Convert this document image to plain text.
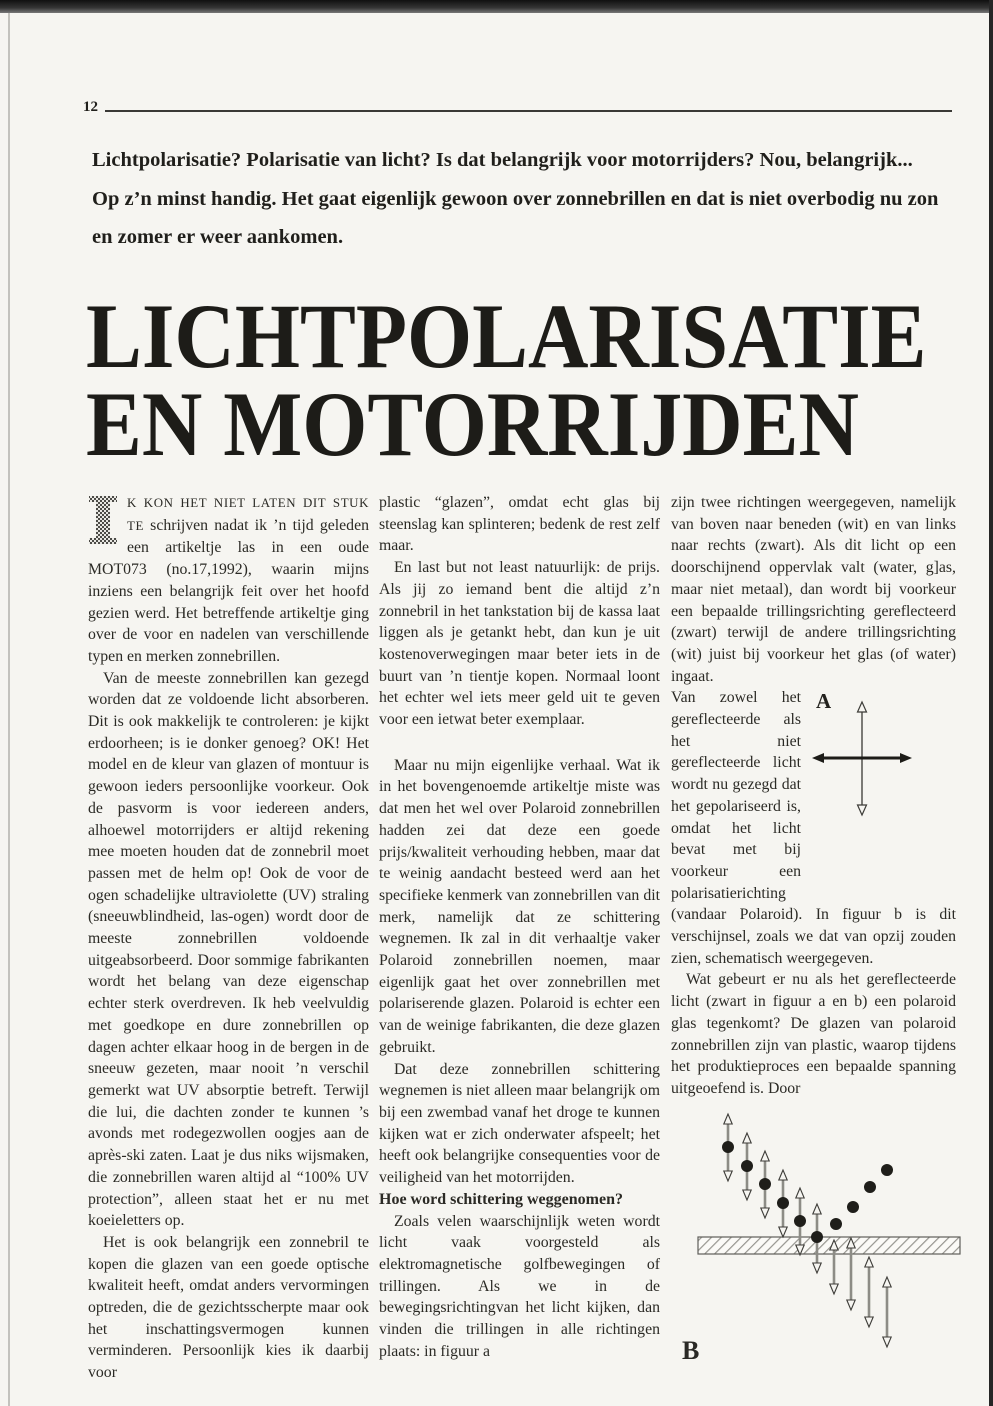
12
Lichtpolarisatie? Polarisatie van licht? Is dat belangrijk voor motorrijders? Nou, belangrijk... Op z’n minst handig. Het gaat eigenlijk gewoon over zonnebrillen en dat is niet overbodig nu zon en zomer er weer aankomen.
LICHTPOLARISATIE
EN MOTORRIJDEN

K KON HET NIET LATEN DIT STUK TE schrijven nadat ik ’n tijd geleden een artikeltje las in een oude MOT073 (no.17,1992), waarin mijns inziens een belangrijk feit over het hoofd gezien werd. Het betreffende artikeltje ging over de voor en nadelen van verschillende typen en merken zonnebrillen.

Van de meeste zonnebrillen kan gezegd worden dat ze voldoende licht absorberen. Dit is ook makkelijk te controleren: je kijkt erdoorheen; is ie donker genoeg? OK! Het model en de kleur van glazen of montuur is gewoon ieders persoonlijke voorkeur. Ook de pasvorm is voor iedereen anders, alhoewel motorrijders er altijd rekening mee moeten houden dat de zonnebril moet passen met de helm op! Ook de voor de ogen schadelijke ultraviolette (UV) straling (sneeuwblindheid, las-ogen) wordt door de meeste zonnebrillen voldoende uitgeabsorbeerd. Door sommige fabrikanten wordt het belang van deze eigenschap echter sterk overdreven. Ik heb veelvuldig met goedkope en dure zonnebrillen op dagen achter elkaar hoog in de bergen in de sneeuw gezeten, maar nooit ’n verschil gemerkt wat UV absorptie betreft. Terwijl die lui, die dachten zonder te kunnen ’s avonds met rodegezwollen oogjes aan de après-ski zaten. Laat je dus niks wijsmaken, die zonnebrillen waren altijd al “100% UV protection”, alleen staat het er nu met koeieletters op.

Het is ook belangrijk een zonnebril te kopen die glazen van een goede optische kwaliteit heeft, omdat anders vervormingen optreden, die de gezichtsscherpte maar ook het inschattingsvermogen kunnen verminderen. Persoonlijk kies ik daarbij voor

plastic “glazen”, omdat echt glas bij steenslag kan splinteren; bedenk de rest zelf maar.

En last but not least natuurlijk: de prijs. Als jij zo iemand bent die altijd z’n zonnebril in het tankstation bij de kassa laat liggen als je getankt hebt, dan kun je uit kostenoverwegingen maar beter iets in de buurt van ’n tientje kopen. Normaal loont het echter wel iets meer geld uit te geven voor een ietwat beter exemplaar.

Maar nu mijn eigenlijke verhaal. Wat ik in het bovengenoemde artikeltje miste was dat men het wel over Polaroid zonnebrillen hadden zei dat deze een goede prijs/kwaliteit verhouding hebben, maar dat te weinig aandacht besteed werd aan het specifieke kenmerk van zonnebrillen van dit merk, namelijk dat ze schittering wegnemen. Ik zal in dit verhaaltje vaker Polaroid zonnebrillen noemen, maar eigenlijk gaat het over zonnebrillen met polariserende glazen. Polaroid is echter een van de weinige fabrikanten, die deze glazen gebruikt.

Dat deze zonnebrillen schittering wegnemen is niet alleen maar belangrijk om bij een zwembad vanaf het droge te kunnen kijken wat er zich onderwater afspeelt; het heeft ook belangrijke consequenties voor de veiligheid van het motorrijden.

Hoe word schittering weggenomen?

Zoals velen waarschijnlijk weten wordt licht vaak voorgesteld als elektromagnetische golfbewegingen of trillingen. Als we in de bewegingsrichtingvan het licht kijken, dan vinden die trillingen in alle richtingen plaats: in figuur a

zijn twee richtingen weergegeven, namelijk van boven naar beneden (wit) en van links naar rechts (zwart). Als dit licht op een doorschijnend oppervlak valt (water, g]as, maar niet metaal), dan wordt bij voorkeur een bepaalde trillingsrichting gereflecteerd (zwart) terwijl de andere trillingsrichting (wit) juist bij voorkeur het glas (of water) ingaat.

A
Van zowel het gereflecteerde als het niet gereflecteerde licht wordt nu gezegd dat het gepolariseerd is, omdat het licht bevat met bij voorkeur een polarisatierichting (vandaar Polaroid). In figuur b is dit verschijnsel, zoals we dat van opzij zouden zien, schematisch weergegeven.

Wat gebeurt er nu als het gereflecteerde licht (zwart in figuur a en b) een polaroid glas tegenkomt? De glazen van polaroid zonnebrillen zijn van plastic, waarop tijdens het produktieproces een bepaalde spanning uitgeoefend is. Door

B
